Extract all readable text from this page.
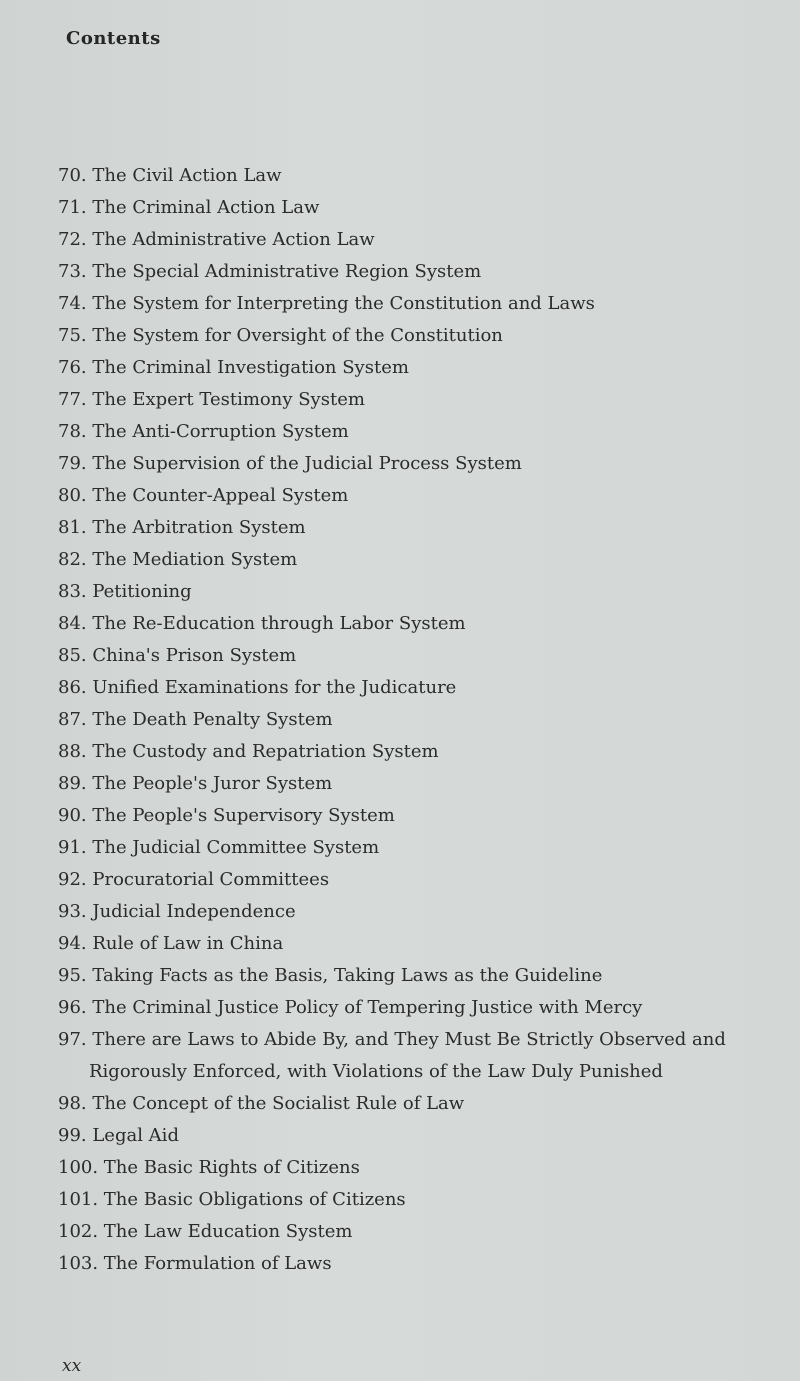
Contents
70. The Civil Action Law
71. The Criminal Action Law
72. The Administrative Action Law
73. The Special Administrative Region System
74. The System for Interpreting the Constitution and Laws
75. The System for Oversight of the Constitution
76. The Criminal Investigation System
77. The Expert Testimony System
78. The Anti-Corruption System
79. The Supervision of the Judicial Process System
80. The Counter-Appeal System
81. The Arbitration System
82. The Mediation System
83. Petitioning
84. The Re-Education through Labor System
85. China's Prison System
86. Unified Examinations for the Judicature
87. The Death Penalty System
88. The Custody and Repatriation System
89. The People's Juror System
90. The People's Supervisory System
91. The Judicial Committee System
92. Procuratorial Committees
93. Judicial Independence
94. Rule of Law in China
95. Taking Facts as the Basis, Taking Laws as the Guideline
96. The Criminal Justice Policy of Tempering Justice with Mercy
97. There are Laws to Abide By, and They Must Be Strictly Observed and Rigorously Enforced, with Violations of the Law Duly Punished
98. The Concept of the Socialist Rule of Law
99. Legal Aid
100. The Basic Rights of Citizens
101. The Basic Obligations of Citizens
102. The Law Education System
103. The Formulation of Laws
xx
